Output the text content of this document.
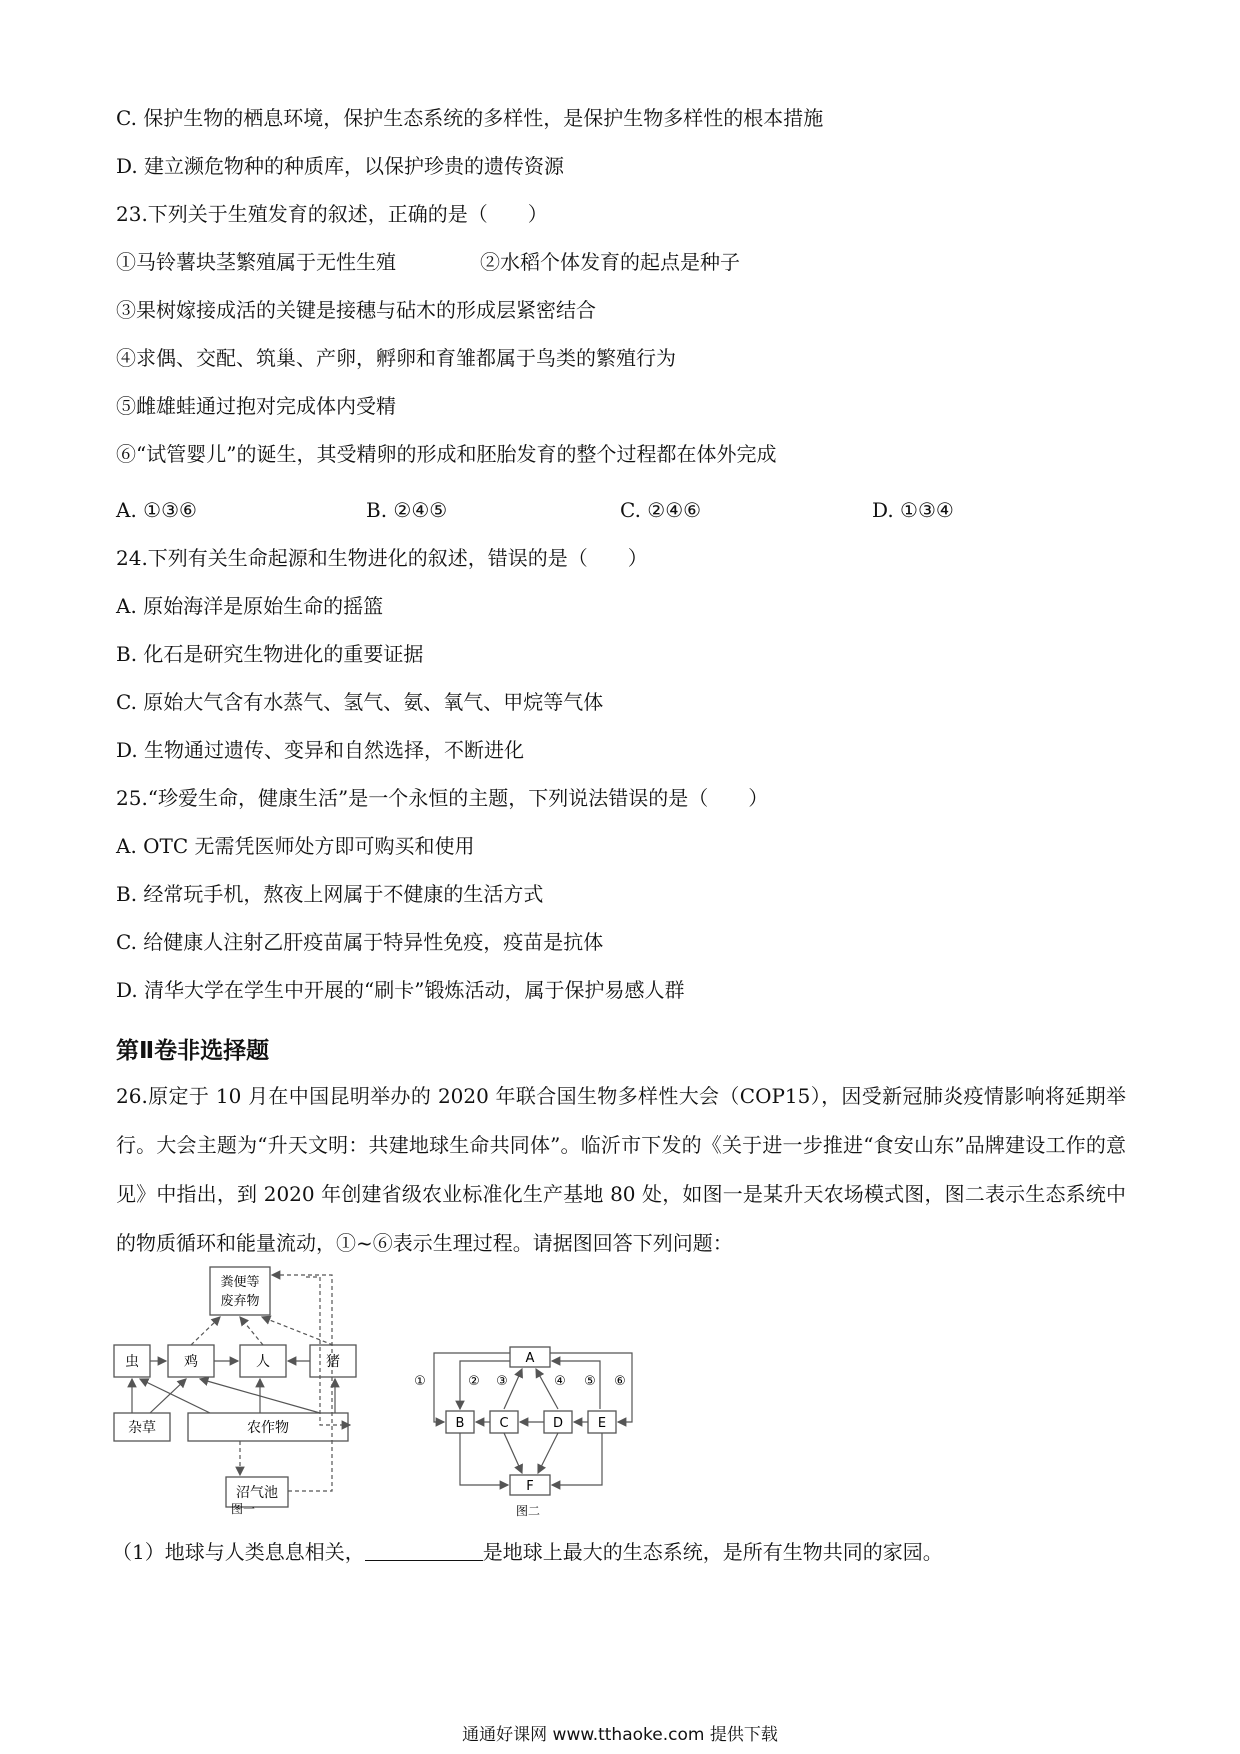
C. 保护生物的栖息环境，保护生态系统的多样性，是保护生物多样性的根本措施
D. 建立濒危物种的种质库，以保护珍贵的遗传资源
23.下列关于生殖发育的叙述，正确的是（　　）
①马铃薯块茎繁殖属于无性生殖	②水稻个体发育的起点是种子
③果树嫁接成活的关键是接穗与砧木的形成层紧密结合
④求偶、交配、筑巢、产卵，孵卵和育雏都属于鸟类的繁殖行为
⑤雌雄蛙通过抱对完成体内受精
⑥“试管婴儿”的诞生，其受精卵的形成和胚胎发育的整个过程都在体外完成
A. ①③⑥	B. ②④⑤	C. ②④⑥	D. ①③④
24.下列有关生命起源和生物进化的叙述，错误的是（　　）
A. 原始海洋是原始生命的摇篮
B. 化石是研究生物进化的重要证据
C. 原始大气含有水蒸气、氢气、氨、氧气、甲烷等气体
D. 生物通过遗传、变异和自然选择，不断进化
25.“珍爱生命，健康生活”是一个永恒的主题，下列说法错误的是（　　）
A. OTC 无需凭医师处方即可购买和使用
B. 经常玩手机，熬夜上网属于不健康的生活方式
C. 给健康人注射乙肝疫苗属于特异性免疫，疫苗是抗体
D. 清华大学在学生中开展的“刷卡”锻炼活动，属于保护易感人群
第Ⅱ卷非选择题
26.原定于 10 月在中国昆明举办的 2020 年联合国生物多样性大会（COP15），因受新冠肺炎疫情影响将延期举行。大会主题为“升天文明：共建地球生命共同体”。临沂市下发的《关于进一步推进“食安山东”品牌建设工作的意见》中指出，到 2020 年创建省级农业标准化生产基地 80 处，如图一是某升天农场模式图，图二表示生态系统中的物质循环和能量流动，①~⑥表示生理过程。请据图回答下列问题：
粪便等
废弃物
虫	鸡	人	猪
杂草	农作物
沼气池
图一
A
B	C	D	E
F
①	② ③	④ ⑤ ⑥
图二
（1）地球与人类息息相关，	是地球上最大的生态系统，是所有生物共同的家园。
通通好课网 www.tthaoke.com 提供下载
